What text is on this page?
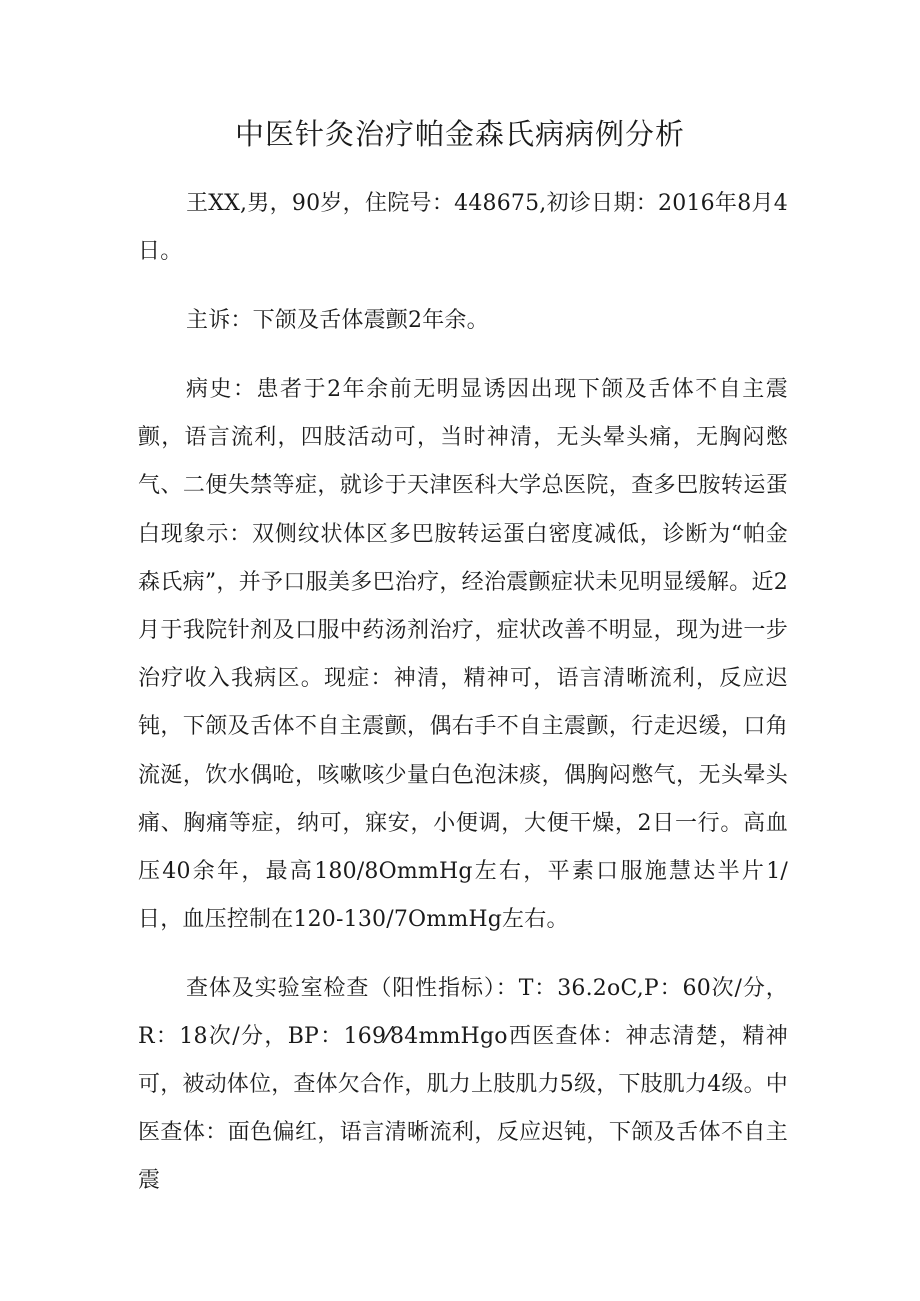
中医针灸治疗帕金森氏病病例分析
王XX,男，90岁，住院号：448675,初诊日期：2016年8月4日。
主诉：下颌及舌体震颤2年余。
病史：患者于2年余前无明显诱因出现下颌及舌体不自主震颤，语言流利，四肢活动可，当时神清，无头晕头痛，无胸闷憋气、二便失禁等症，就诊于天津医科大学总医院，查多巴胺转运蛋白现象示：双侧纹状体区多巴胺转运蛋白密度减低，诊断为“帕金森氏病”，并予口服美多巴治疗，经治震颤症状未见明显缓解。近2月于我院针剂及口服中药汤剂治疗，症状改善不明显，现为进一步治疗收入我病区。现症：神清，精神可，语言清晰流利，反应迟钝，下颌及舌体不自主震颤，偶右手不自主震颤，行走迟缓，口角流涎，饮水偶呛，咳嗽咳少量白色泡沫痰，偶胸闷憋气，无头晕头痛、胸痛等症，纳可，寐安，小便调，大便干燥，2日一行。高血压40余年，最高180/8OmmHg左右，平素口服施慧达半片1/日，血压控制在120-130/7OmmHg左右。
查体及实验室检查（阳性指标）：T：36.2oC,P：60次/分，R：18次/分，BP：169⁄84mmHgo西医查体：神志清楚，精神可，被动体位，查体欠合作，肌力上肢肌力5级，下肢肌力4级。中医查体：面色偏红，语言清晰流利，反应迟钝，下颌及舌体不自主震
